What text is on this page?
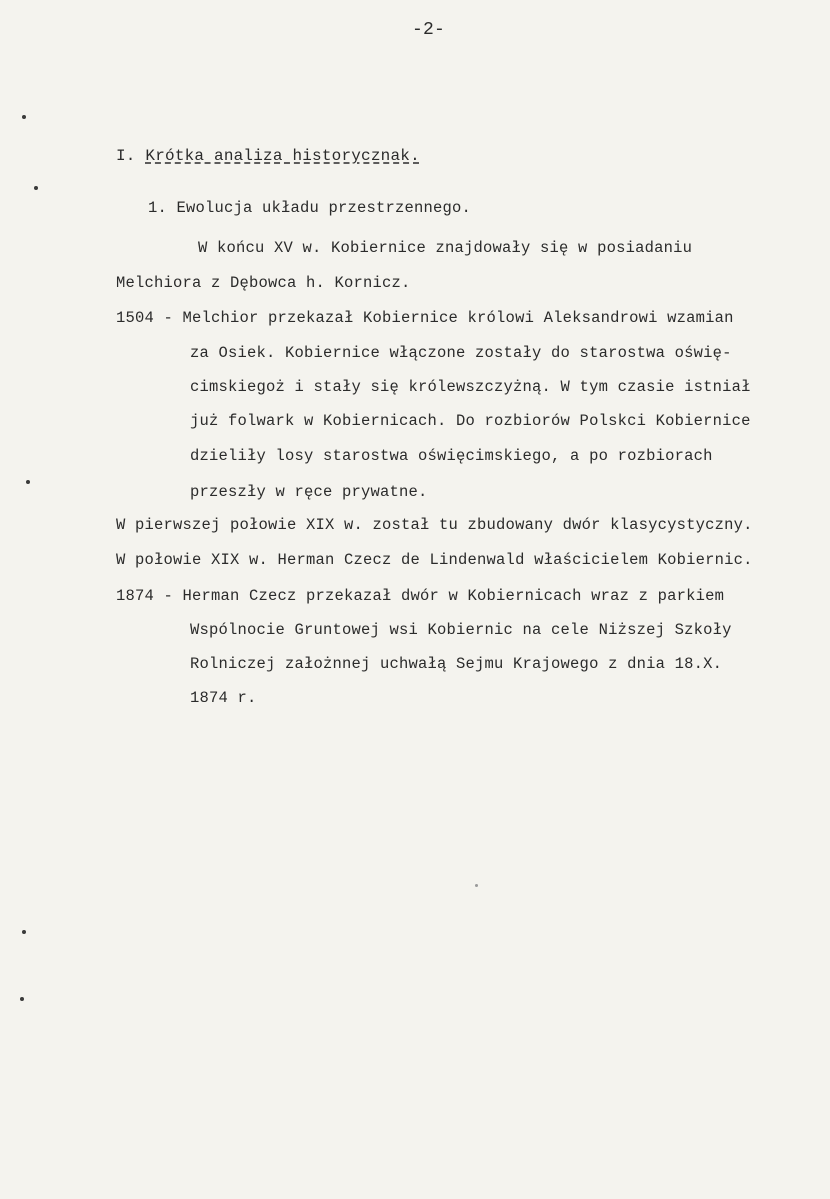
-2-
I. Krótka analiza historycznak.
1. Ewolucja układu przestrzennego.
W końcu XV w. Kobiernice znajdowały się w posiadaniu
Melchiora z Dębowca h. Kornicz.
1504 - Melchior przekazał Kobiernice królowi Aleksandrowi wzamian
za Osiek. Kobiernice włączone zostały do starostwa oświę-
cimskiegoż i stały się królewszczyżną. W tym czasie istniał
już folwark w Kobiernicach. Do rozbiorów Polskci Kobiernice
dzieliły losy starostwa oświęcimskiego, a po rozbiorach
przeszły w ręce prywatne.
W pierwszej połowie XIX w. został tu zbudowany dwór klasycystyczny.
W połowie XIX w. Herman Czecz de Lindenwald właścicielem Kobiernic.
1874 - Herman Czecz przekazał dwór w Kobiernicach wraz z parkiem
Wspólnocie Gruntowej wsi Kobiernic na cele Niższej Szkoły
Rolniczej założnnej uchwałą Sejmu Krajowego z dnia 18.X.
1874 r.
